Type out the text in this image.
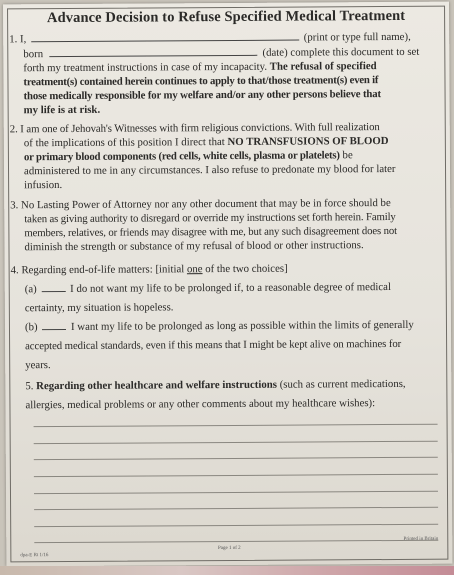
Advance Decision to Refuse Specified Medical Treatment
1. I,	(print or type full name),
born	(date) complete this document to set
forth my treatment instructions in case of my incapacity. The refusal of specified
treatment(s) contained herein continues to apply to that/those treatment(s) even if
those medically responsible for my welfare and/or any other persons believe that
my life is at risk.
2. I am one of Jehovah's Witnesses with firm religious convictions. With full realization
of the implications of this position I direct that NO TRANSFUSIONS OF BLOOD
or primary blood components (red cells, white cells, plasma or platelets) be
administered to me in any circumstances. I also refuse to predonate my blood for later
infusion.
3. No Lasting Power of Attorney nor any other document that may be in force should be
taken as giving authority to disregard or override my instructions set forth herein. Family
members, relatives, or friends may disagree with me, but any such disagreement does not
diminish the strength or substance of my refusal of blood or other instructions.
4. Regarding end-of-life matters: [initial one of the two choices]
(a)	I do not want my life to be prolonged if, to a reasonable degree of medical
certainty, my situation is hopeless.
(b)	I want my life to be prolonged as long as possible within the limits of generally
accepted medical standards, even if this means that I might be kept alive on machines for
years.
5. Regarding other healthcare and welfare instructions (such as current medications,
allergies, medical problems or any other comments about my healthcare wishes):
dpa-E Rt 1/16
Page 1 of 2
Printed in Britain
